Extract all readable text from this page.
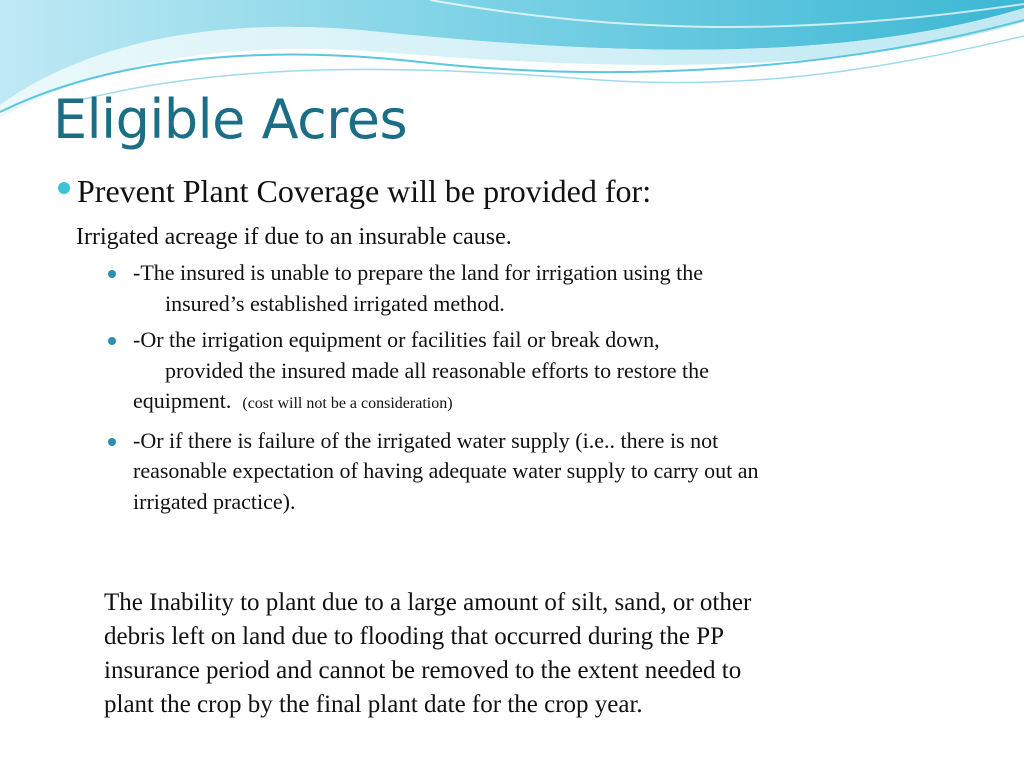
Eligible Acres
Prevent Plant Coverage will be provided for:
Irrigated acreage if due to an insurable cause.
-The insured is unable to prepare the land for irrigation using the
insured’s established irrigated method.
-Or the irrigation equipment or facilities fail or break down,
provided the insured made all reasonable efforts to restore the
equipment. (cost will not be a consideration)
-Or if there is failure of the irrigated water supply (i.e.. there is not
reasonable expectation of having adequate water supply to carry out an
irrigated practice).
The Inability to plant due to a large amount of silt, sand, or other
debris left on land due to flooding that occurred during the PP
insurance period and cannot be removed to the extent needed to
plant the crop by the final plant date for the crop year.
